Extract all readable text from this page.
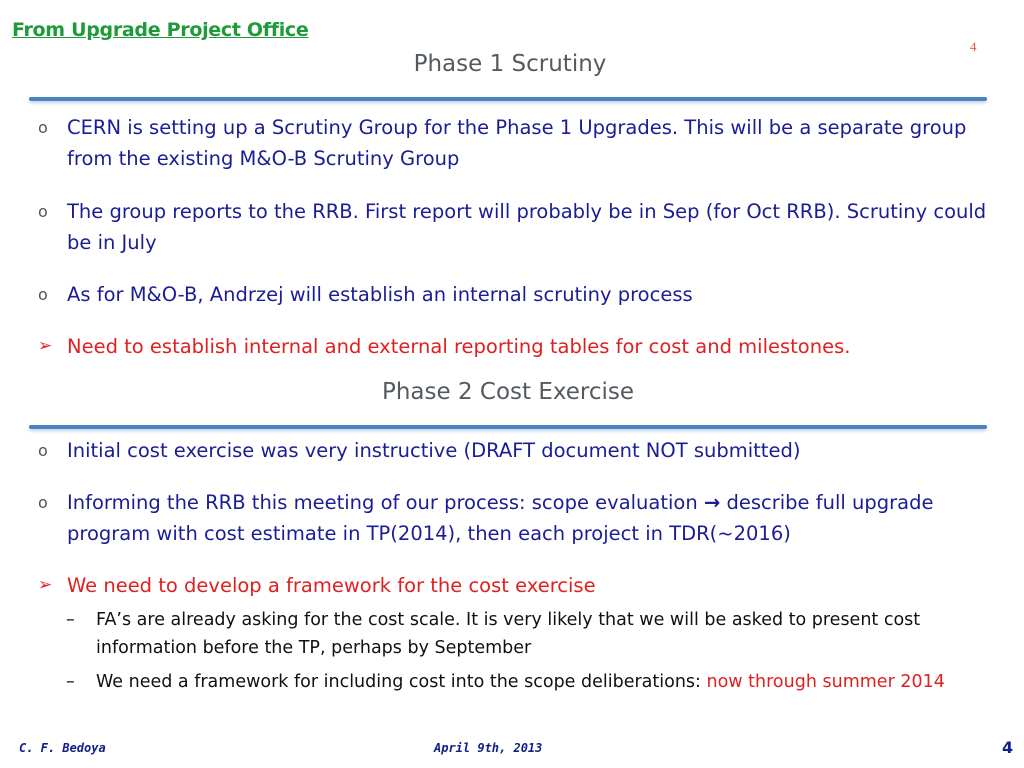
From Upgrade Project Office
4
Phase 1 Scrutiny
o CERN is setting up a Scrutiny Group for the Phase 1 Upgrades. This will be a separate group from the existing M&O-B Scrutiny Group
o The group reports to the RRB. First report will probably be in Sep (for Oct RRB). Scrutiny could be in July
o As for M&O-B, Andrzej will establish an internal scrutiny process
➢ Need to establish internal and external reporting tables for cost and milestones.
Phase 2 Cost Exercise
o Initial cost exercise was very instructive (DRAFT document NOT submitted)
o Informing the RRB this meeting of our process: scope evaluation → describe full upgrade program with cost estimate in TP(2014), then each project in TDR(~2016)
➢ We need to develop a framework for the cost exercise
– FA’s are already asking for the cost scale. It is very likely that we will be asked to present cost information before the TP, perhaps by September
– We need a framework for including cost into the scope deliberations: now through summer 2014
C. F. Bedoya	April 9th, 2013	4
